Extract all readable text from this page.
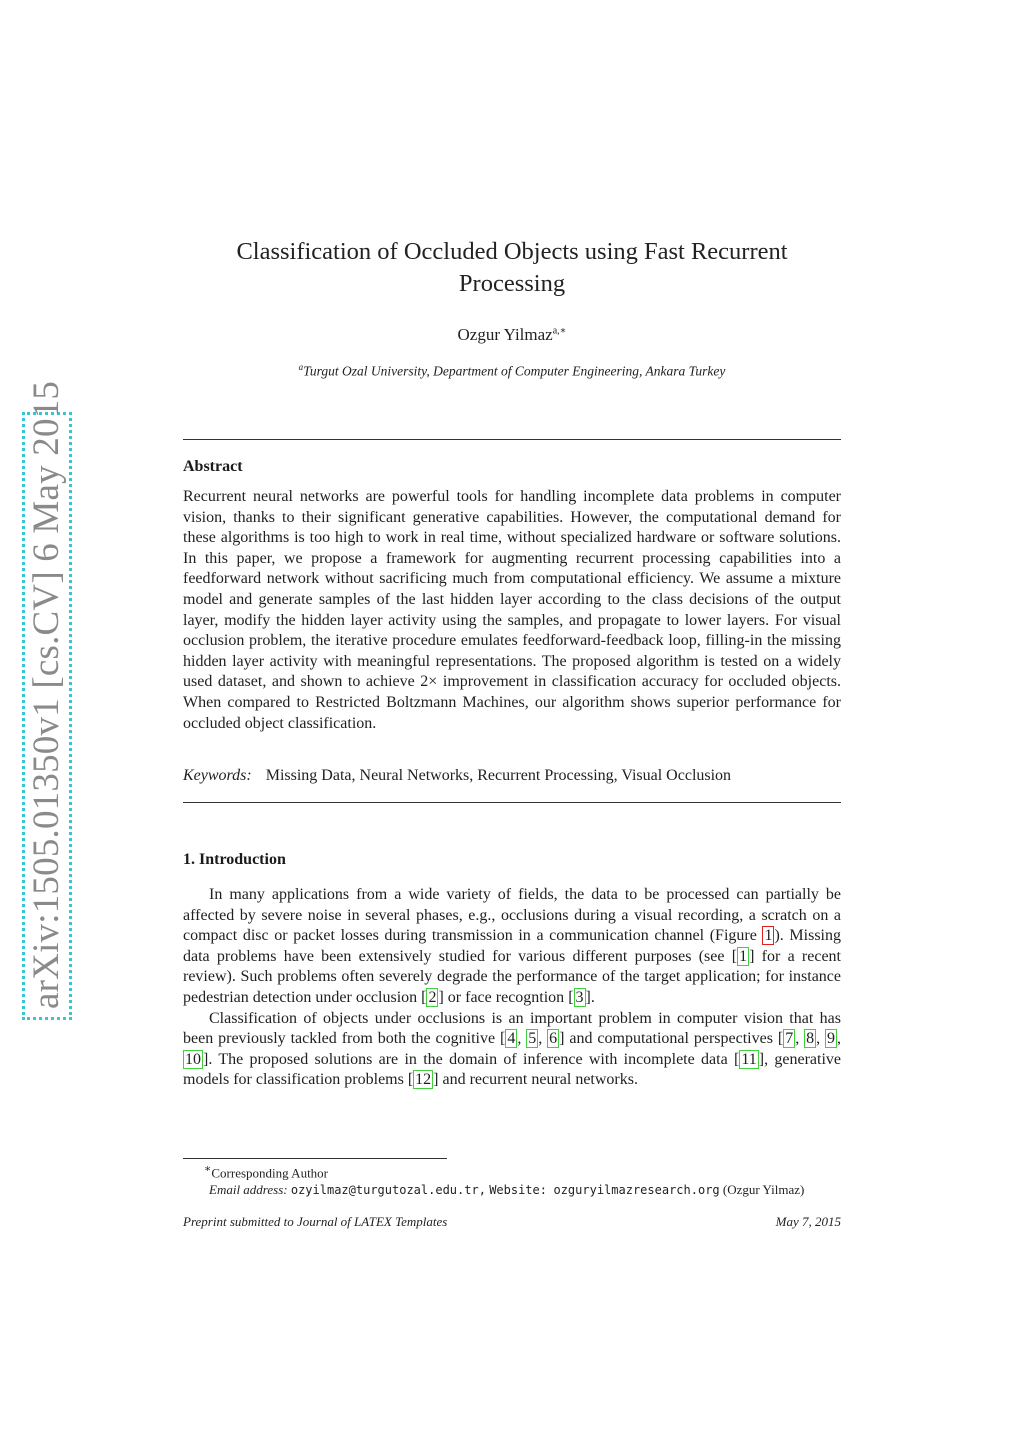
arXiv:1505.01350v1 [cs.CV] 6 May 2015
Classification of Occluded Objects using Fast Recurrent Processing
Ozgur Yilmaz$^{a,∗}$
$^a$Turgut Ozal University, Department of Computer Engineering, Ankara Turkey
Abstract

Recurrent neural networks are powerful tools for handling incomplete data problems in computer vision, thanks to their significant generative capabilities. However, the computational demand for these algorithms is too high to work in real time, without specialized hardware or software solutions. In this paper, we propose a framework for augmenting recurrent processing capabilities into a feedforward network without sacrificing much from computational efficiency. We assume a mixture model and generate samples of the last hidden layer according to the class decisions of the output layer, modify the hidden layer activity using the samples, and propagate to lower layers. For visual occlusion problem, the iterative procedure emulates feedforward-feedback loop, filling-in the missing hidden layer activity with meaningful representations. The proposed algorithm is tested on a widely used dataset, and shown to achieve 2× improvement in classification accuracy for occluded objects. When compared to Restricted Boltzmann Machines, our algorithm shows superior performance for occluded object classification.

Keywords: Missing Data, Neural Networks, Recurrent Processing, Visual Occlusion
1. Introduction

In many applications from a wide variety of fields, the data to be processed can partially be affected by severe noise in several phases, e.g., occlusions during a visual recording, a scratch on a compact disc or packet losses during transmission in a communication channel (Figure 1 ). Missing data problems have been extensively studied for various different purposes (see [ 1 ] for a recent review). Such problems often severely degrade the performance of the target application; for instance pedestrian detection under occlusion [ 2 ] or face recogntion [ 3 ].

Classification of objects under occlusions is an important problem in computer vision that has been previously tackled from both the cognitive [ 4 , 5 , 6 ] and computational perspectives [ 7 , 8 , 9 , 10 ]. The proposed solutions are in the domain of inference with incomplete data [ 11 ], generative models for classification problems [ 12 ] and recurrent neural networks.

∗Corresponding Author
Email address: ozyilmaz@turgutozal.edu.tr, Website: ozguryilmazresearch.org (Ozgur Yilmaz)
Preprint submitted to Journal of LATEX Templates	May 7, 2015
